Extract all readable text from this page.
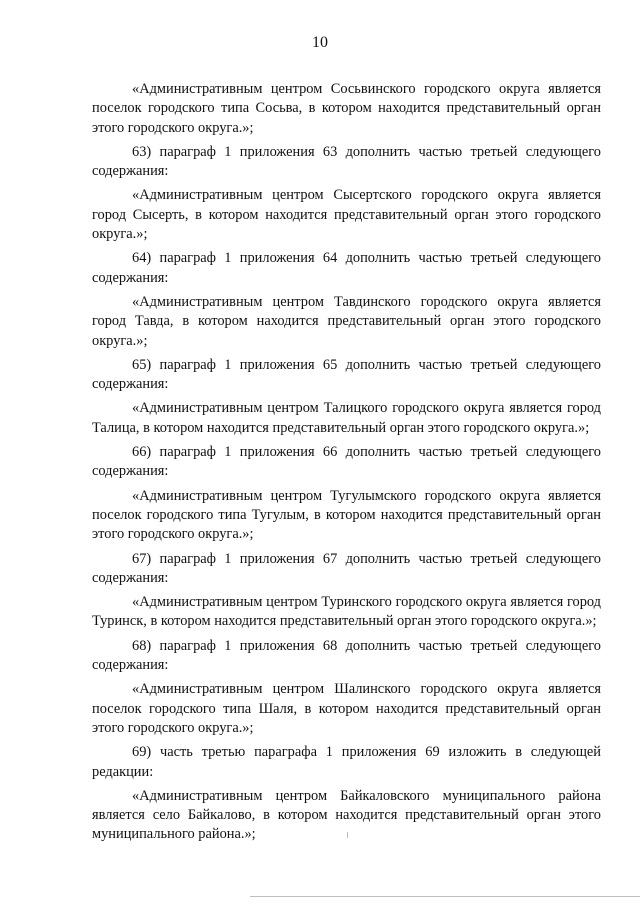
10

«Административным центром Сосьвинского городского округа является поселок городского типа Сосьва, в котором находится представительный орган этого городского округа.»;

63) параграф 1 приложения 63 дополнить частью третьей следующего содержания:

«Административным центром Сысертского городского округа является город Сысерть, в котором находится представительный орган этого городского округа.»;

64) параграф 1 приложения 64 дополнить частью третьей следующего содержания:

«Административным центром Тавдинского городского округа является город Тавда, в котором находится представительный орган этого городского округа.»;

65) параграф 1 приложения 65 дополнить частью третьей следующего содержания:

«Административным центром Талицкого городского округа является город Талица, в котором находится представительный орган этого городского округа.»;

66) параграф 1 приложения 66 дополнить частью третьей следующего содержания:

«Административным центром Тугулымского городского округа является поселок городского типа Тугулым, в котором находится представительный орган этого городского округа.»;

67) параграф 1 приложения 67 дополнить частью третьей следующего содержания:

«Административным центром Туринского городского округа является город Туринск, в котором находится представительный орган этого городского округа.»;

68) параграф 1 приложения 68 дополнить частью третьей следующего содержания:

«Административным центром Шалинского городского округа является поселок городского типа Шаля, в котором находится представительный орган этого городского округа.»;

69) часть третью параграфа 1 приложения 69 изложить в следующей редакции:

«Административным центром Байкаловского муниципального района является село Байкалово, в котором находится представительный орган этого муниципального района.»;
